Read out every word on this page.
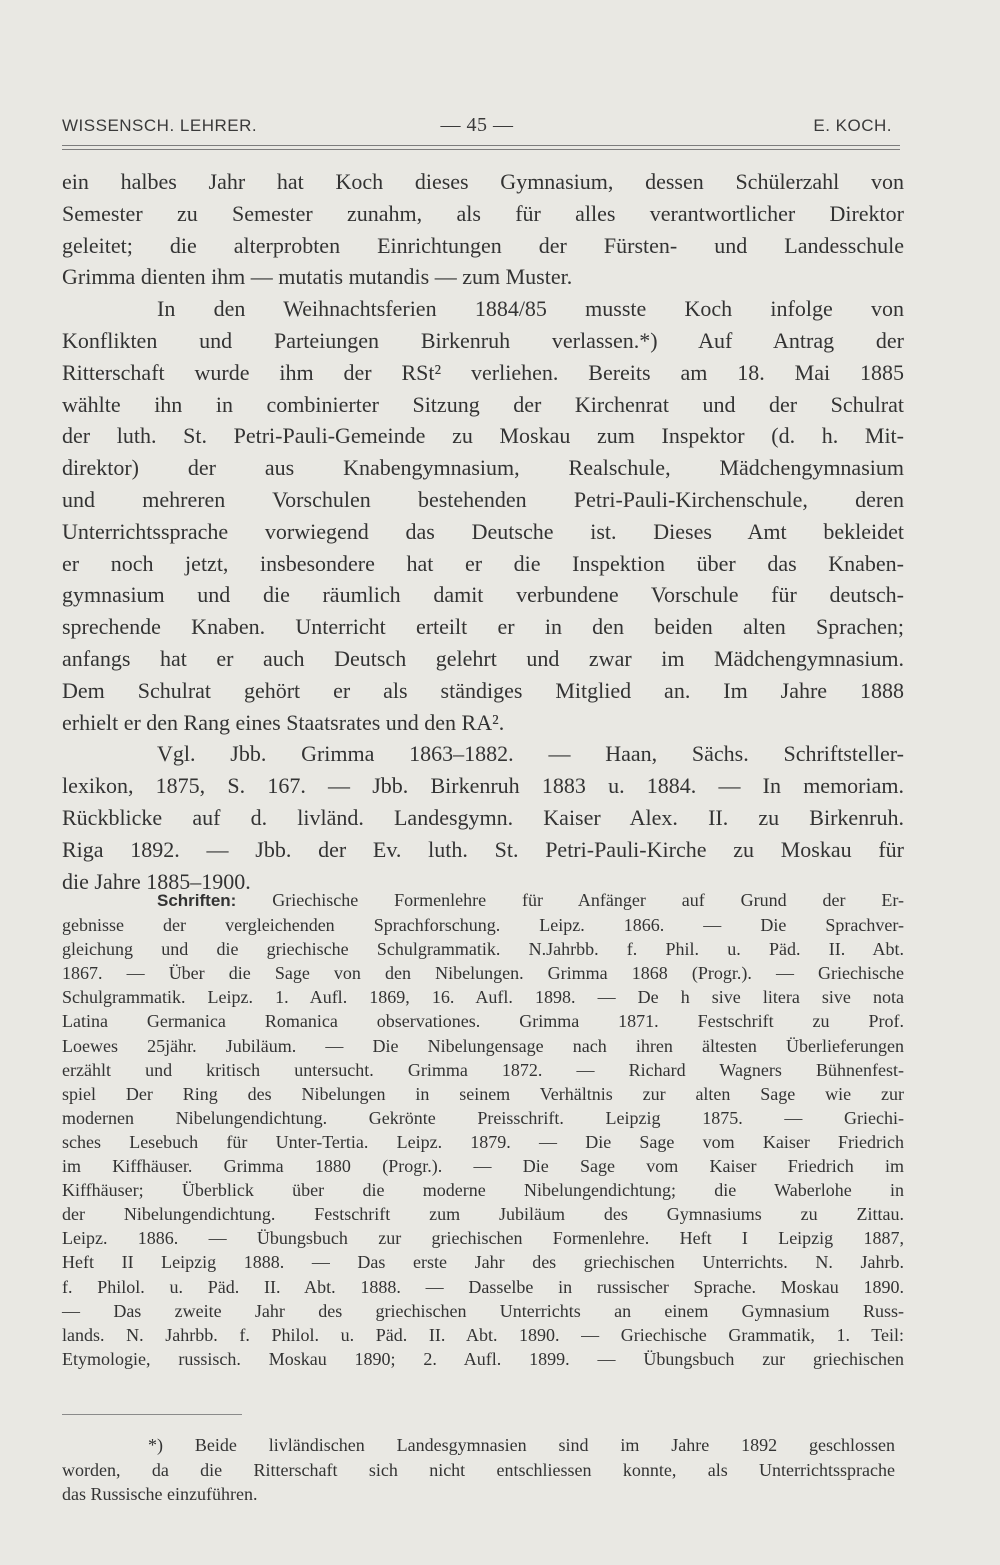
WISSENSCH. LEHRER.	— 45 —	E. KOCH.
ein halbes Jahr hat Koch dieses Gymnasium, dessen Schülerzahl von
Semester zu Semester zunahm, als für alles verantwortlicher Direktor
geleitet; die alterprobten Einrichtungen der Fürsten- und Landesschule
Grimma dienten ihm — mutatis mutandis — zum Muster.
In den Weihnachtsferien 1884/85 musste Koch infolge von
Konflikten und Parteiungen Birkenruh verlassen.*) Auf Antrag der
Ritterschaft wurde ihm der RSt² verliehen. Bereits am 18. Mai 1885
wählte ihn in combinierter Sitzung der Kirchenrat und der Schulrat
der luth. St. Petri-Pauli-Gemeinde zu Moskau zum Inspektor (d. h. Mit-
direktor) der aus Knabengymnasium, Realschule, Mädchengymnasium
und mehreren Vorschulen bestehenden Petri-Pauli-Kirchenschule, deren
Unterrichtssprache vorwiegend das Deutsche ist. Dieses Amt bekleidet
er noch jetzt, insbesondere hat er die Inspektion über das Knaben-
gymnasium und die räumlich damit verbundene Vorschule für deutsch-
sprechende Knaben. Unterricht erteilt er in den beiden alten Sprachen;
anfangs hat er auch Deutsch gelehrt und zwar im Mädchengymnasium.
Dem Schulrat gehört er als ständiges Mitglied an. Im Jahre 1888
erhielt er den Rang eines Staatsrates und den RA².
Vgl. Jbb. Grimma 1863–1882. — Haan, Sächs. Schriftsteller-
lexikon, 1875, S. 167. — Jbb. Birkenruh 1883 u. 1884. — In memoriam.
Rückblicke auf d. livländ. Landesgymn. Kaiser Alex. II. zu Birkenruh.
Riga 1892. — Jbb. der Ev. luth. St. Petri-Pauli-Kirche zu Moskau für
die Jahre 1885–1900.
Schriften: Griechische Formenlehre für Anfänger auf Grund der Er-
gebnisse der vergleichenden Sprachforschung. Leipz. 1866. — Die Sprachver-
gleichung und die griechische Schulgrammatik. N.Jahrbb. f. Phil. u. Päd. II. Abt.
1867. — Über die Sage von den Nibelungen. Grimma 1868 (Progr.). — Griechische
Schulgrammatik. Leipz. 1. Aufl. 1869, 16. Aufl. 1898. — De h sive litera sive nota
Latina Germanica Romanica observationes. Grimma 1871. Festschrift zu Prof.
Loewes 25jähr. Jubiläum. — Die Nibelungensage nach ihren ältesten Überlieferungen
erzählt und kritisch untersucht. Grimma 1872. — Richard Wagners Bühnenfest-
spiel Der Ring des Nibelungen in seinem Verhältnis zur alten Sage wie zur
modernen Nibelungendichtung. Gekrönte Preisschrift. Leipzig 1875. — Griechi-
sches Lesebuch für Unter-Tertia. Leipz. 1879. — Die Sage vom Kaiser Friedrich
im Kiffhäuser. Grimma 1880 (Progr.). — Die Sage vom Kaiser Friedrich im
Kiffhäuser; Überblick über die moderne Nibelungendichtung; die Waberlohe in
der Nibelungendichtung. Festschrift zum Jubiläum des Gymnasiums zu Zittau.
Leipz. 1886. — Übungsbuch zur griechischen Formenlehre. Heft I Leipzig 1887,
Heft II Leipzig 1888. — Das erste Jahr des griechischen Unterrichts. N. Jahrb.
f. Philol. u. Päd. II. Abt. 1888. — Dasselbe in russischer Sprache. Moskau 1890.
— Das zweite Jahr des griechischen Unterrichts an einem Gymnasium Russ-
lands. N. Jahrbb. f. Philol. u. Päd. II. Abt. 1890. — Griechische Grammatik, 1. Teil:
Etymologie, russisch. Moskau 1890; 2. Aufl. 1899. — Übungsbuch zur griechischen
*) Beide livländischen Landesgymnasien sind im Jahre 1892 geschlossen
worden, da die Ritterschaft sich nicht entschliessen konnte, als Unterrichtssprache
das Russische einzuführen.
